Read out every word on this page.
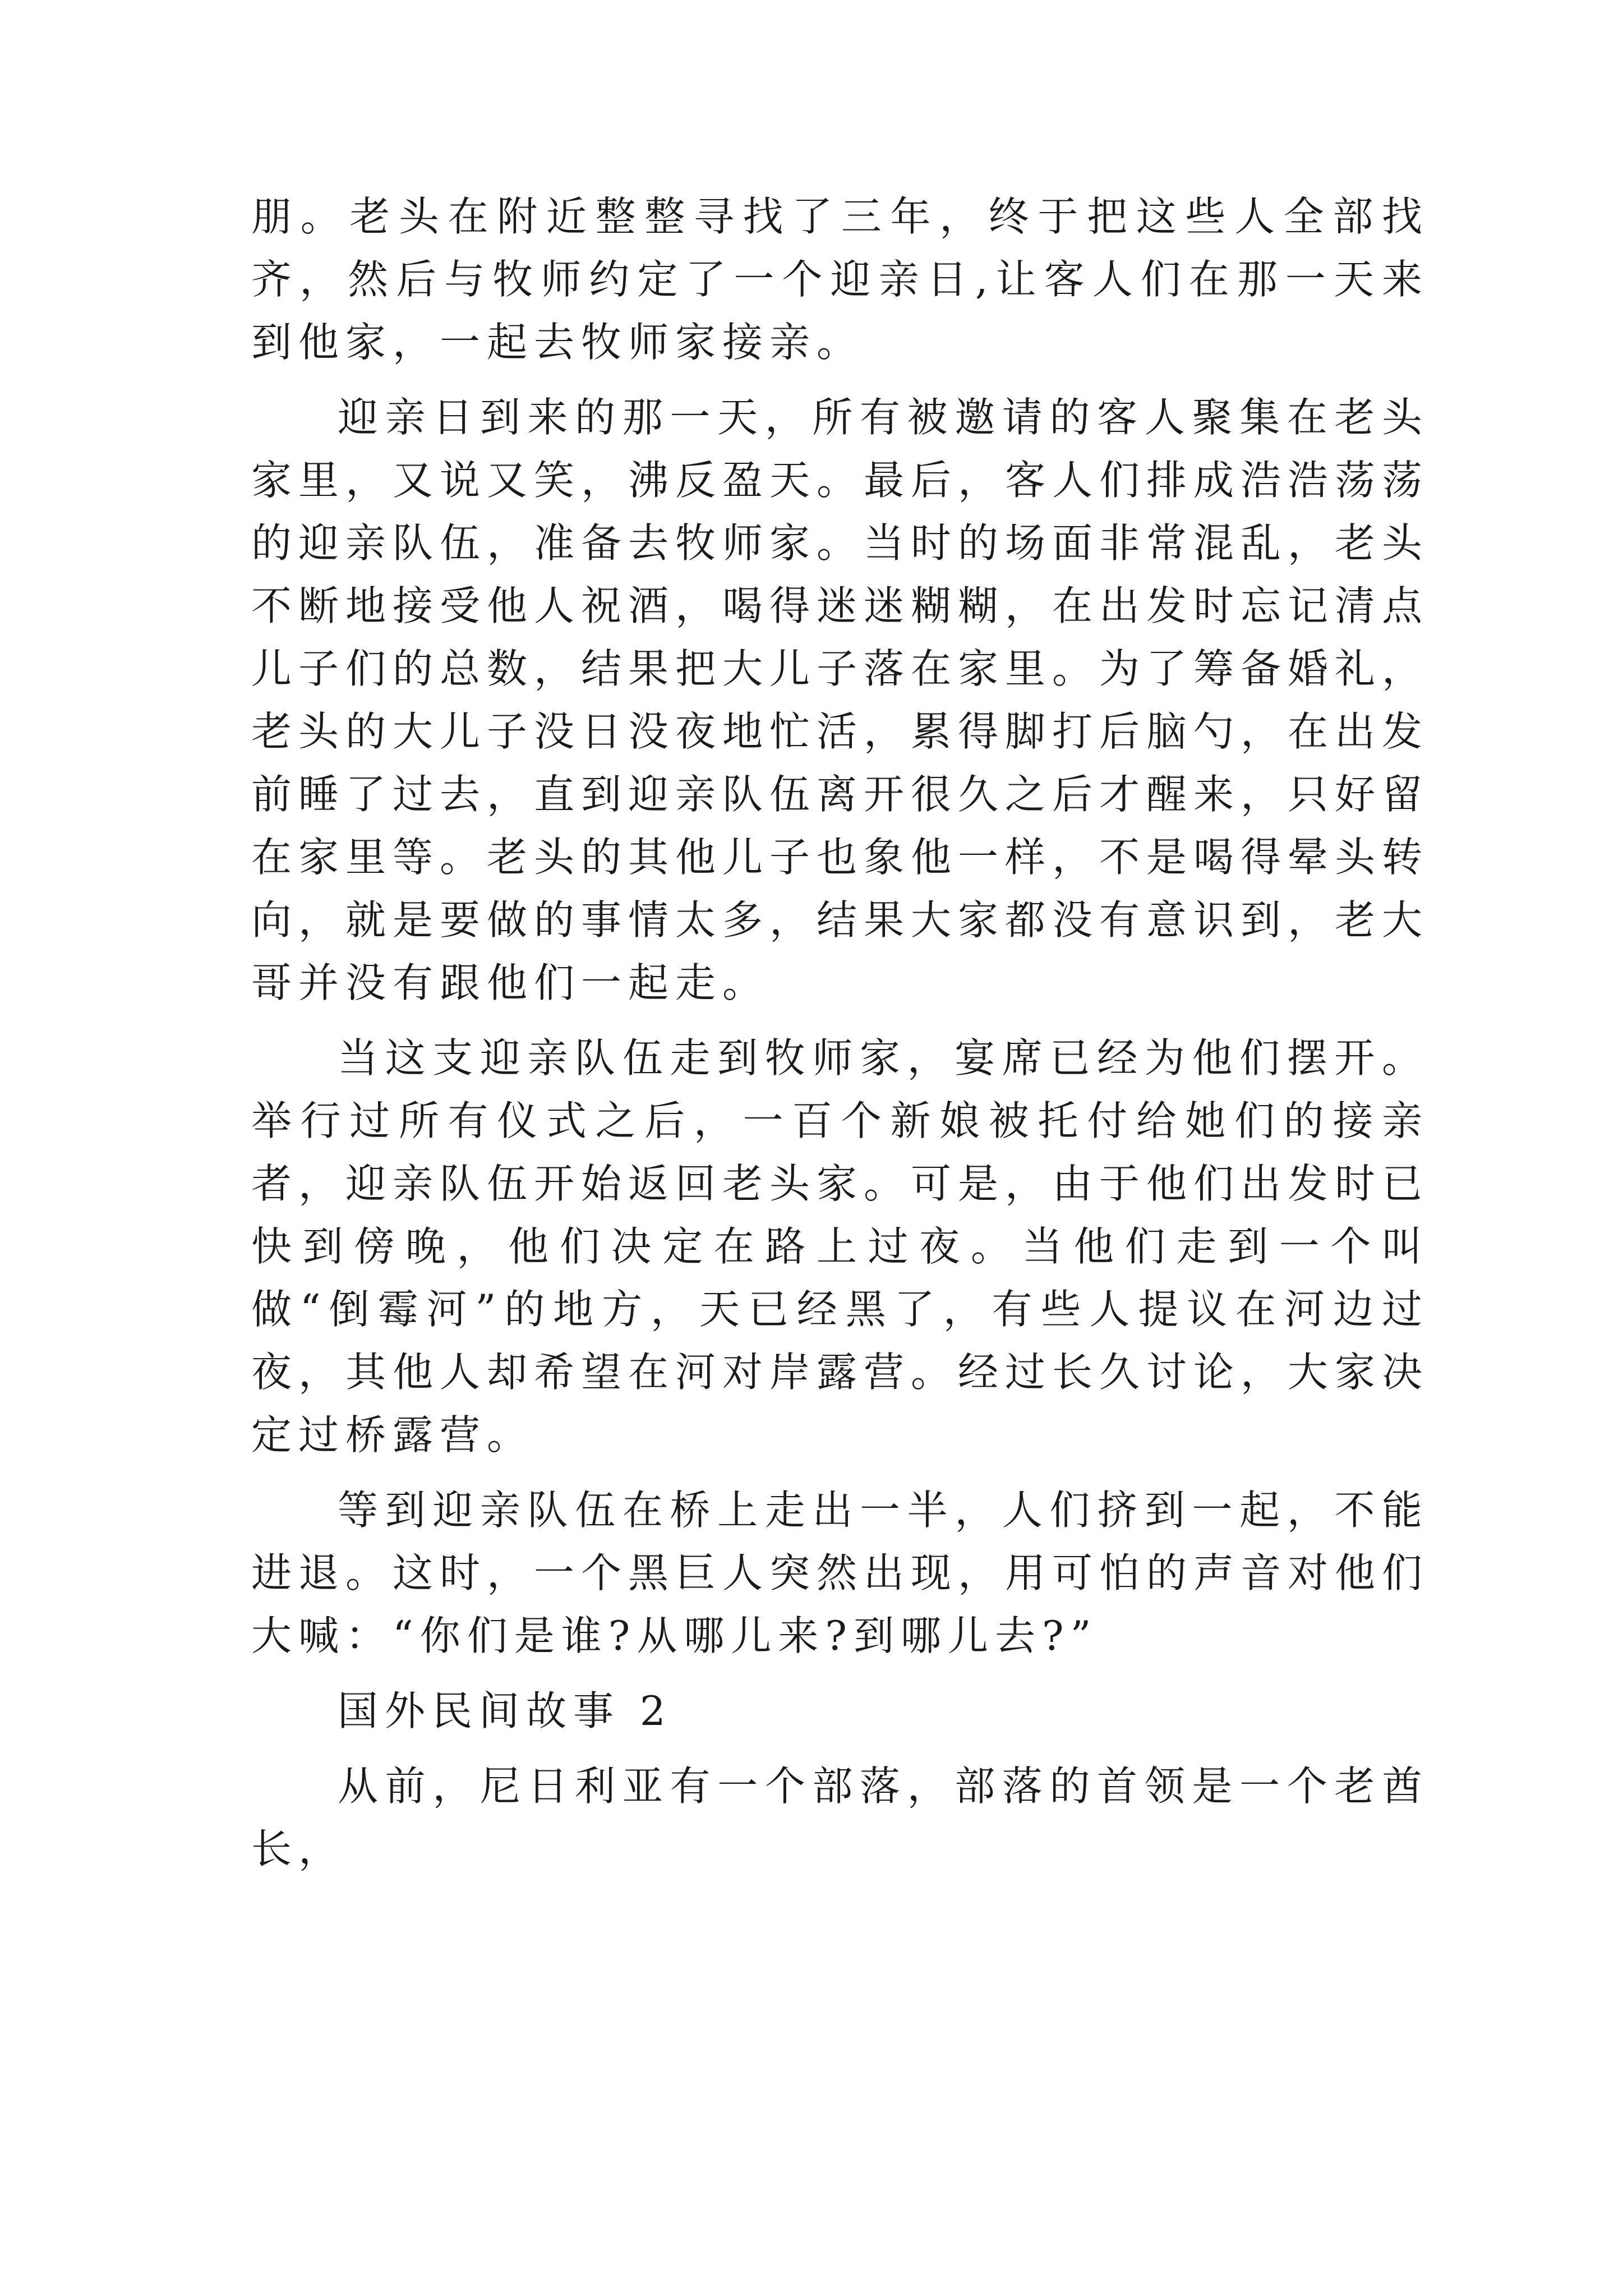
朋。老头在附近整整寻找了三年，终于把这些人全部找齐，然后与牧师约定了一个迎亲日,让客人们在那一天来到他家，一起去牧师家接亲。

迎亲日到来的那一天，所有被邀请的客人聚集在老头家里，又说又笑，沸反盈天。最后，客人们排成浩浩荡荡的迎亲队伍，准备去牧师家。当时的场面非常混乱，老头不断地接受他人祝酒，喝得迷迷糊糊，在出发时忘记清点儿子们的总数，结果把大儿子落在家里。为了筹备婚礼，老头的大儿子没日没夜地忙活，累得脚打后脑勺，在出发前睡了过去，直到迎亲队伍离开很久之后才醒来，只好留在家里等。老头的其他儿子也象他一样，不是喝得晕头转向，就是要做的事情太多，结果大家都没有意识到，老大哥并没有跟他们一起走。

当这支迎亲队伍走到牧师家，宴席已经为他们摆开。举行过所有仪式之后，一百个新娘被托付给她们的接亲者，迎亲队伍开始返回老头家。可是，由于他们出发时已快到傍晚，他们决定在路上过夜。当他们走到一个叫做“倒霉河”的地方，天已经黑了，有些人提议在河边过夜，其他人却希望在河对岸露营。经过长久讨论，大家决定过桥露营。

等到迎亲队伍在桥上走出一半，人们挤到一起，不能进退。这时，一个黑巨人突然出现，用可怕的声音对他们大喊：“你们是谁?从哪儿来?到哪儿去?”

国外民间故事 2

从前，尼日利亚有一个部落，部落的首领是一个老酋长，
